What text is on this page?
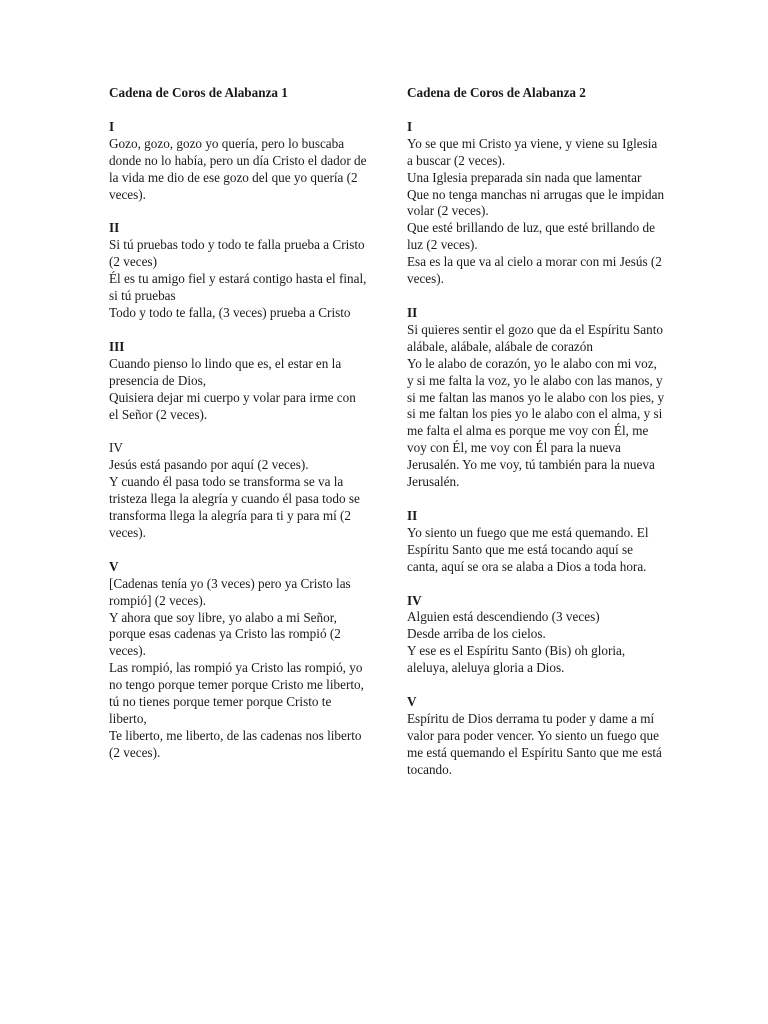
Cadena de Coros de Alabanza 1
I
Gozo, gozo, gozo yo quería, pero lo buscaba donde no lo había, pero un día Cristo el dador de la vida me dio de ese gozo del que yo quería (2 veces).
II
Si tú pruebas todo y todo te falla prueba a Cristo (2 veces)
Él es tu amigo fiel y estará contigo hasta el final, si tú pruebas
Todo y todo te falla, (3 veces) prueba a Cristo
III
Cuando pienso lo lindo que es, el estar en la presencia de Dios,
Quisiera dejar mi cuerpo y volar para irme con el Señor (2 veces).
IV
Jesús está pasando por aquí (2 veces).
Y cuando él pasa todo se transforma se va la tristeza llega la alegría y cuando él pasa todo se transforma llega la alegría para ti y para mí (2 veces).
V
[Cadenas tenía yo (3 veces) pero ya Cristo las rompió] (2 veces).
Y ahora que soy libre, yo alabo a mi Señor, porque esas cadenas ya Cristo las rompió (2 veces).
Las rompió, las rompió ya Cristo las rompió, yo no tengo porque temer porque Cristo me liberto, tú no tienes porque temer porque Cristo te liberto,
Te liberto, me liberto, de las cadenas nos liberto (2 veces).
Cadena de Coros de Alabanza 2
I
Yo se que mi Cristo ya viene, y viene su Iglesia a buscar (2 veces).
Una Iglesia preparada sin nada que lamentar
Que no tenga manchas ni arrugas que le impidan volar (2 veces).
Que esté brillando de luz, que esté brillando de luz (2 veces).
Esa es la que va al cielo a morar con mi Jesús (2 veces).
II
Si quieres sentir el gozo que da el Espíritu Santo alábale, alábale, alábale de corazón
Yo le alabo de corazón, yo le alabo con mi voz, y si me falta la voz, yo le alabo con las manos, y si me faltan las manos yo le alabo con los pies, y si me faltan los pies yo le alabo con el alma, y si me falta el alma es porque me voy con Él, me voy con Él, me voy con Él para la nueva Jerusalén. Yo me voy, tú también para la nueva Jerusalén.
II
Yo siento un fuego que me está quemando. El Espíritu Santo que me está tocando aquí se canta, aquí se ora se alaba a Dios a toda hora.
IV
Alguien está descendiendo (3 veces)
Desde arriba de los cielos.
Y ese es el Espíritu Santo (Bis) oh gloria, aleluya, aleluya gloria a Dios.
V
Espíritu de Dios derrama tu poder y dame a mí valor para poder vencer. Yo siento un fuego que me está quemando el Espíritu Santo que me está tocando.
